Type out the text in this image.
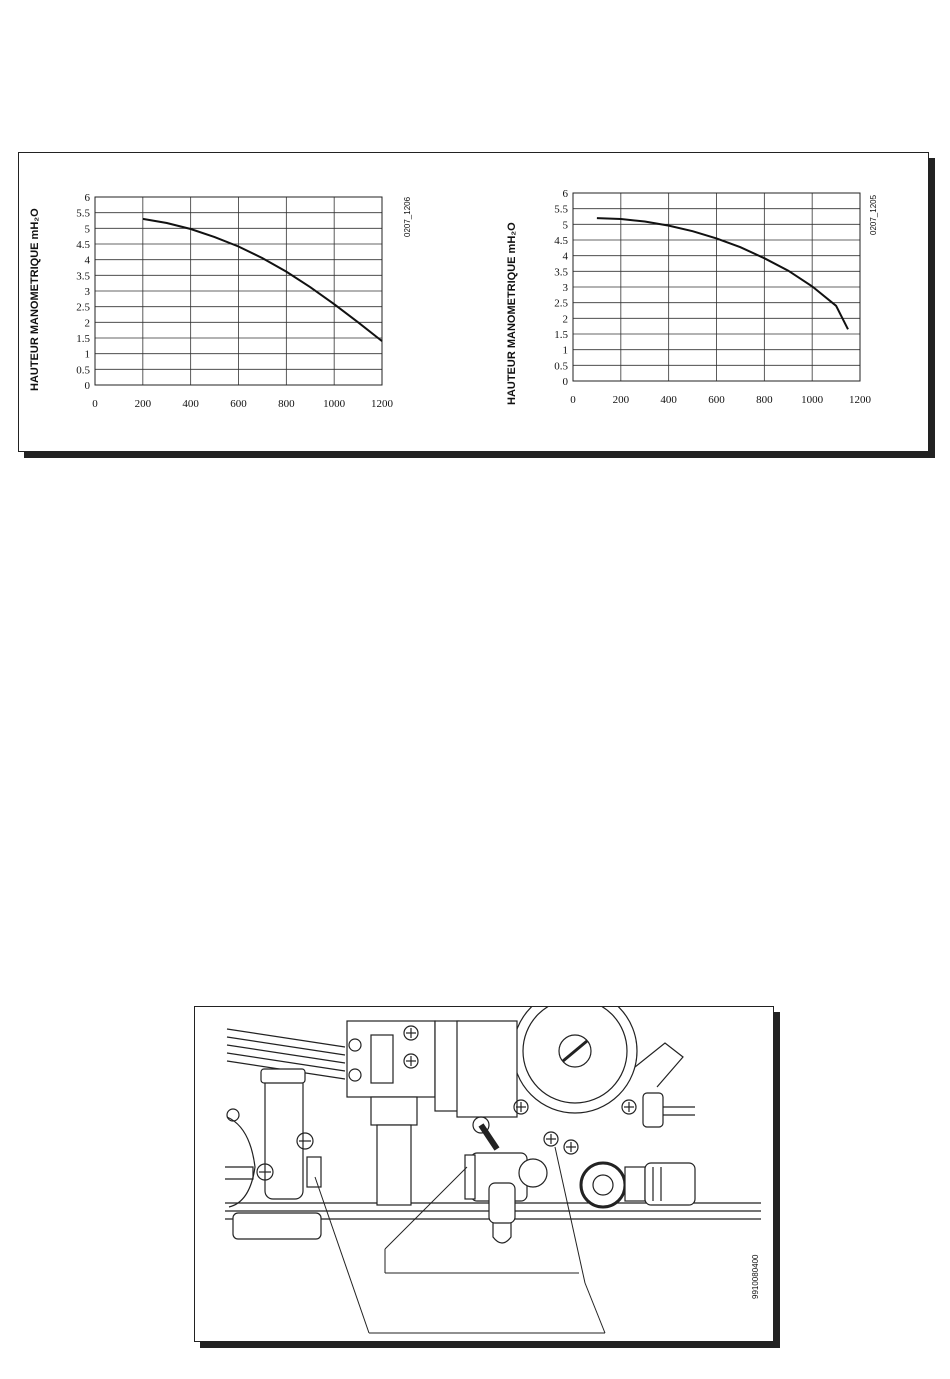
HAUTEUR MANOMETRIQUE mH₂O	HAUTEUR MANOMETRIQUE mH₂O
0207_1206	0207_1205
0
0.5
1
1.5
2
2.5
3
3.5
4
4.5
5
5.5
6
0	200	400	600	800	1000 1200
0
0.5
1
1.5
2
2.5
3
3.5
4
4.5
5
5.5
6
0	200	400	600	800	1000 1200
9910080400
